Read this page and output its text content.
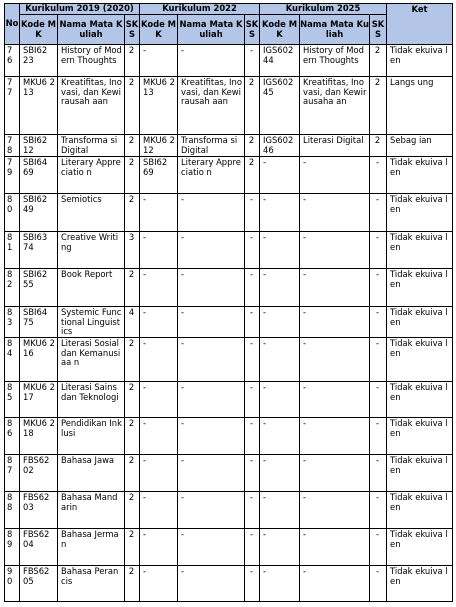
No	Kurikulum 2019 (2020)			Kurikulum 2022			Kurikulum 2025			Ket
	Kode MK	Nama Mata Kuliah	SKS	Kode MK	Nama Mata Kuliah	SKS	Kode MK	Nama Mata Kuliah	SKS	
76	SBI62 23	History of Modern Thoughts	2	-	-	-	IGS602 44	History of Modern Thoughts	2	Tidak ekuiva len
77	MKU6 213	Kreatifitas, Inovasi, dan Kewirausah aan	2	MKU6 213	Kreatifitas, Inovasi, dan Kewirausah aan	2	IGS602 45	Kreatifitas, Inovasi, dan Kewirausaha an	2	Langs ung
78	SBI62 12	Transforma si Digital	2	MKU6 212	Transforma si Digital	2	IGS602 46	Literasi Digital	2	Sebag ian
79	SBI64 69	Literary Appreciatio n	2	SBI62 69	Literary Appreciatio n	2	-	-	-	Tidak ekuiva len
80	SBI62 49	Semiotics	2	-	-	-	-	-	-	Tidak ekuiva len
81	SBI63 74	Creative Writing	3	-	-	-	-	-	-	Tidak ekuiva len
82	SBI62 55	Book Report	2	-	-	-	-	-	-	Tidak ekuiva len
83	SBI64 75	Systemic Functional Linguistics	4	-	-	-	-	-	-	Tidak ekuiva len
84	MKU6 216	Literasi Sosial dan Kemanusiaa n	2	-	-	-	-	-	-	Tidak ekuiva len
85	MKU6 217	Literasi Sains dan Teknologi	2	-	-	-	-	-	-	Tidak ekuiva len
86	MKU6 218	Pendidikan Inklusi	2	-	-	-	-	-	-	Tidak ekuiva len
87	FBS62 02	Bahasa Jawa	2	-	-	-	-	-	-	Tidak ekuiva len
88	FBS62 03	Bahasa Mandarin	2	-	-	-	-	-	-	Tidak ekuiva len
89	FBS62 04	Bahasa Jerman	2	-	-	-	-	-	-	Tidak ekuiva len
90	FBS62 05	Bahasa Perancis	2	-	-	-	-	-	-	Tidak ekuiva len
